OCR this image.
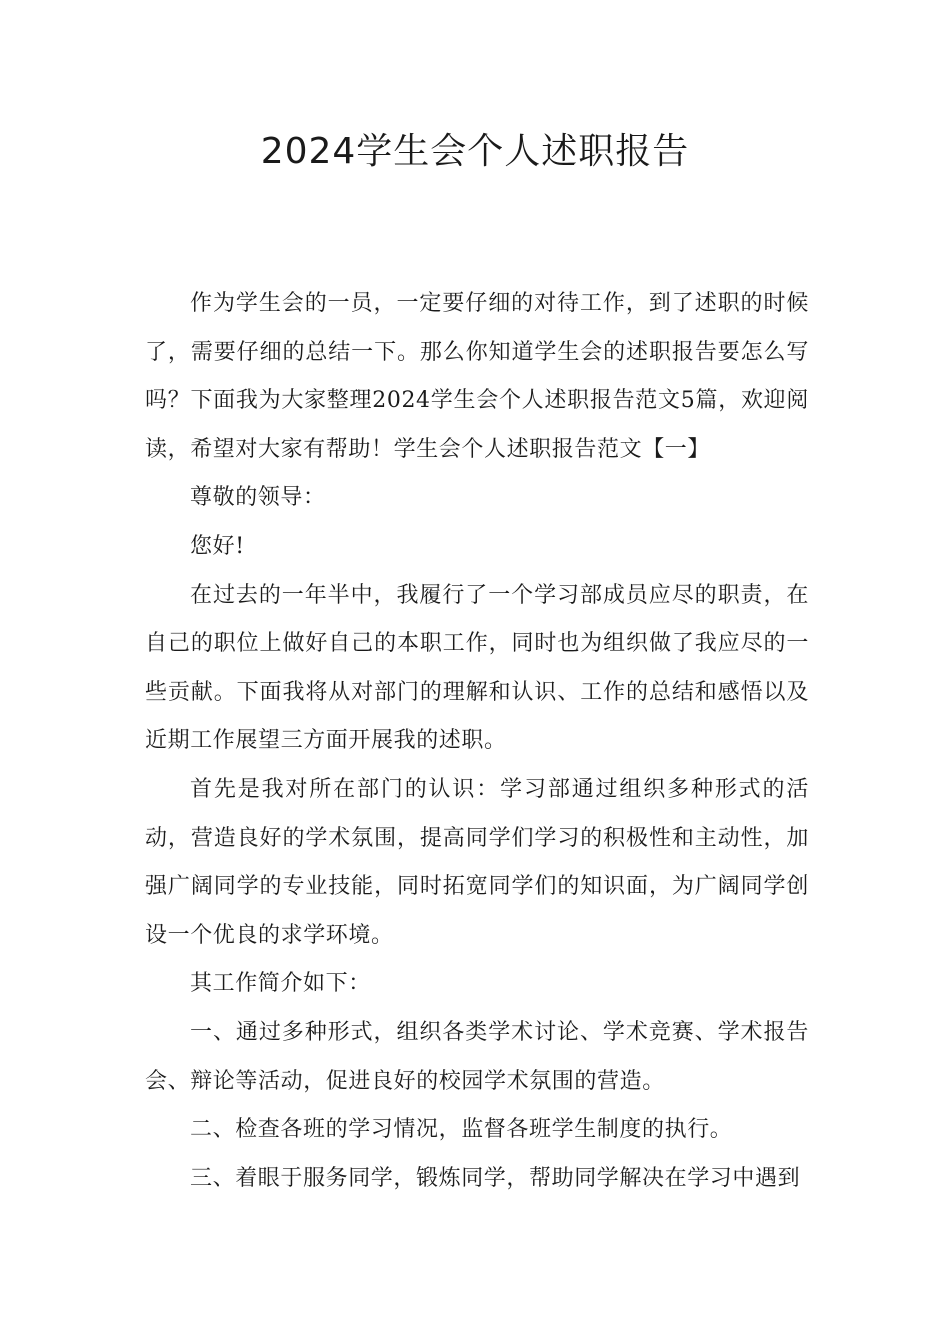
2024学生会个人述职报告

作为学生会的一员，一定要仔细的对待工作，到了述职的时候了，需要仔细的总结一下。那么你知道学生会的述职报告要怎么写吗？下面我为大家整理2024学生会个人述职报告范文5篇，欢迎阅读，希望对大家有帮助！学生会个人述职报告范文【一】

尊敬的领导：

您好!

在过去的一年半中，我履行了一个学习部成员应尽的职责，在自己的职位上做好自己的本职工作，同时也为组织做了我应尽的一些贡献。下面我将从对部门的理解和认识、工作的总结和感悟以及近期工作展望三方面开展我的述职。

首先是我对所在部门的认识：学习部通过组织多种形式的活动，营造良好的学术氛围，提高同学们学习的积极性和主动性，加强广阔同学的专业技能，同时拓宽同学们的知识面，为广阔同学创设一个优良的求学环境。

其工作简介如下：

一、通过多种形式，组织各类学术讨论、学术竞赛、学术报告会、辩论等活动，促进良好的校园学术氛围的营造。

二、检查各班的学习情况，监督各班学生制度的执行。

三、着眼于服务同学，锻炼同学，帮助同学解决在学习中遇到
